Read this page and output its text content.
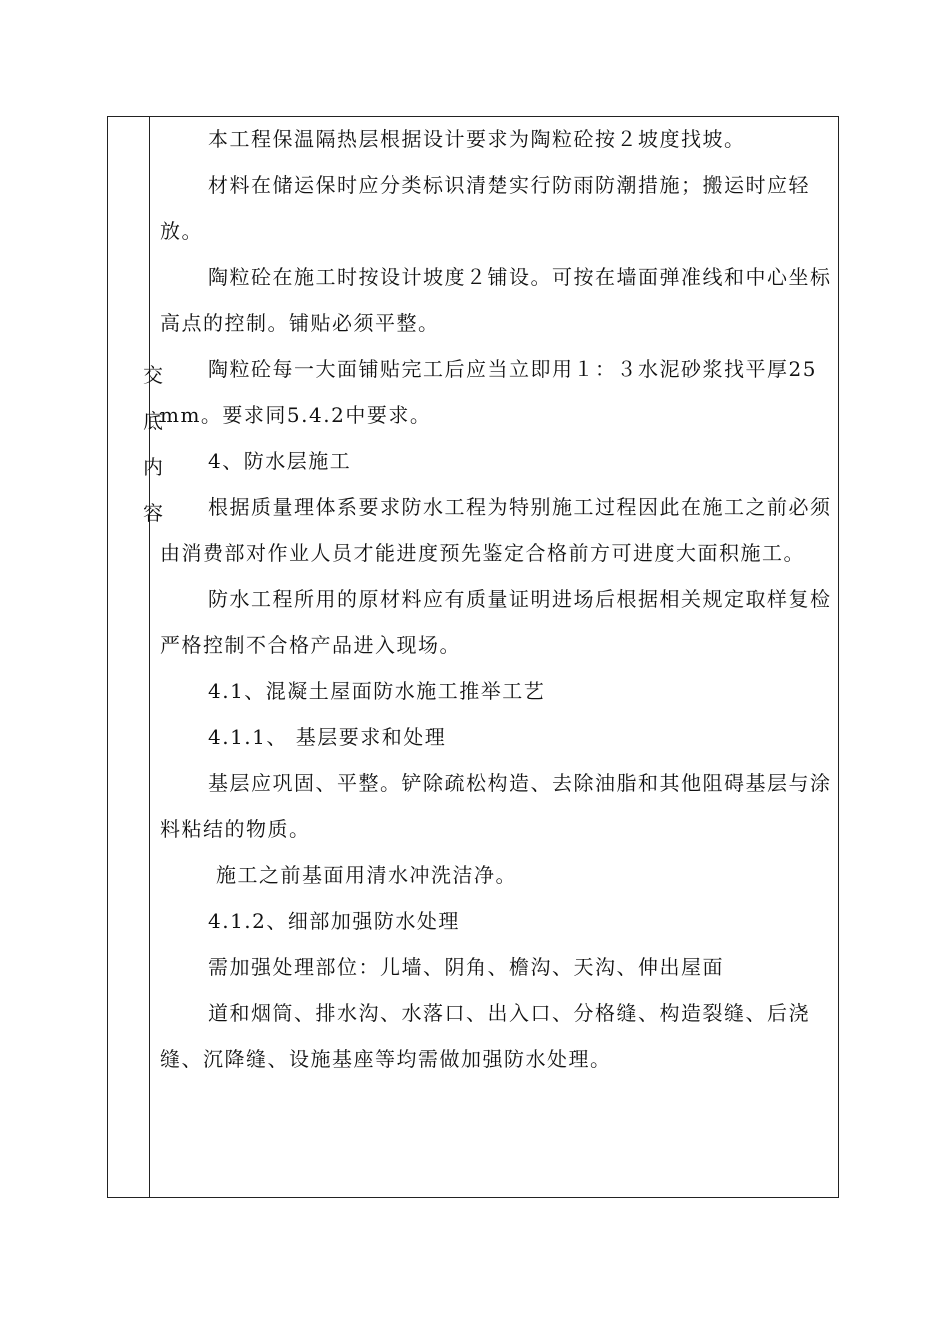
交
底
内
容

本工程保温隔热层根据设计要求为陶粒砼按２坡度找坡。

材料在储运保时应分类标识清楚实行防雨防潮措施；搬运时应轻放。

陶粒砼在施工时按设计坡度２铺设。可按在墙面弹准线和中心坐标高点的控制。铺贴必须平整。

陶粒砼每一大面铺贴完工后应当立即用１：３水泥砂浆找平厚25mm。要求同5.4.2中要求。

4、防水层施工

根据质量理体系要求防水工程为特别施工过程因此在施工之前必须由消费部对作业人员才能进度预先鉴定合格前方可进度大面积施工。

防水工程所用的原材料应有质量证明进场后根据相关规定取样复检严格控制不合格产品进入现场。

4.1、混凝土屋面防水施工推举工艺

4.1.1、 基层要求和处理

基层应巩固、平整。铲除疏松构造、去除油脂和其他阻碍基层与涂料粘结的物质。

施工之前基面用清水冲洗洁净。

4.1.2、细部加强防水处理

需加强处理部位：儿墙、阴角、檐沟、天沟、伸出屋面

道和烟筒、排水沟、水落口、出入口、分格缝、构造裂缝、后浇缝、沉降缝、设施基座等均需做加强防水处理。
